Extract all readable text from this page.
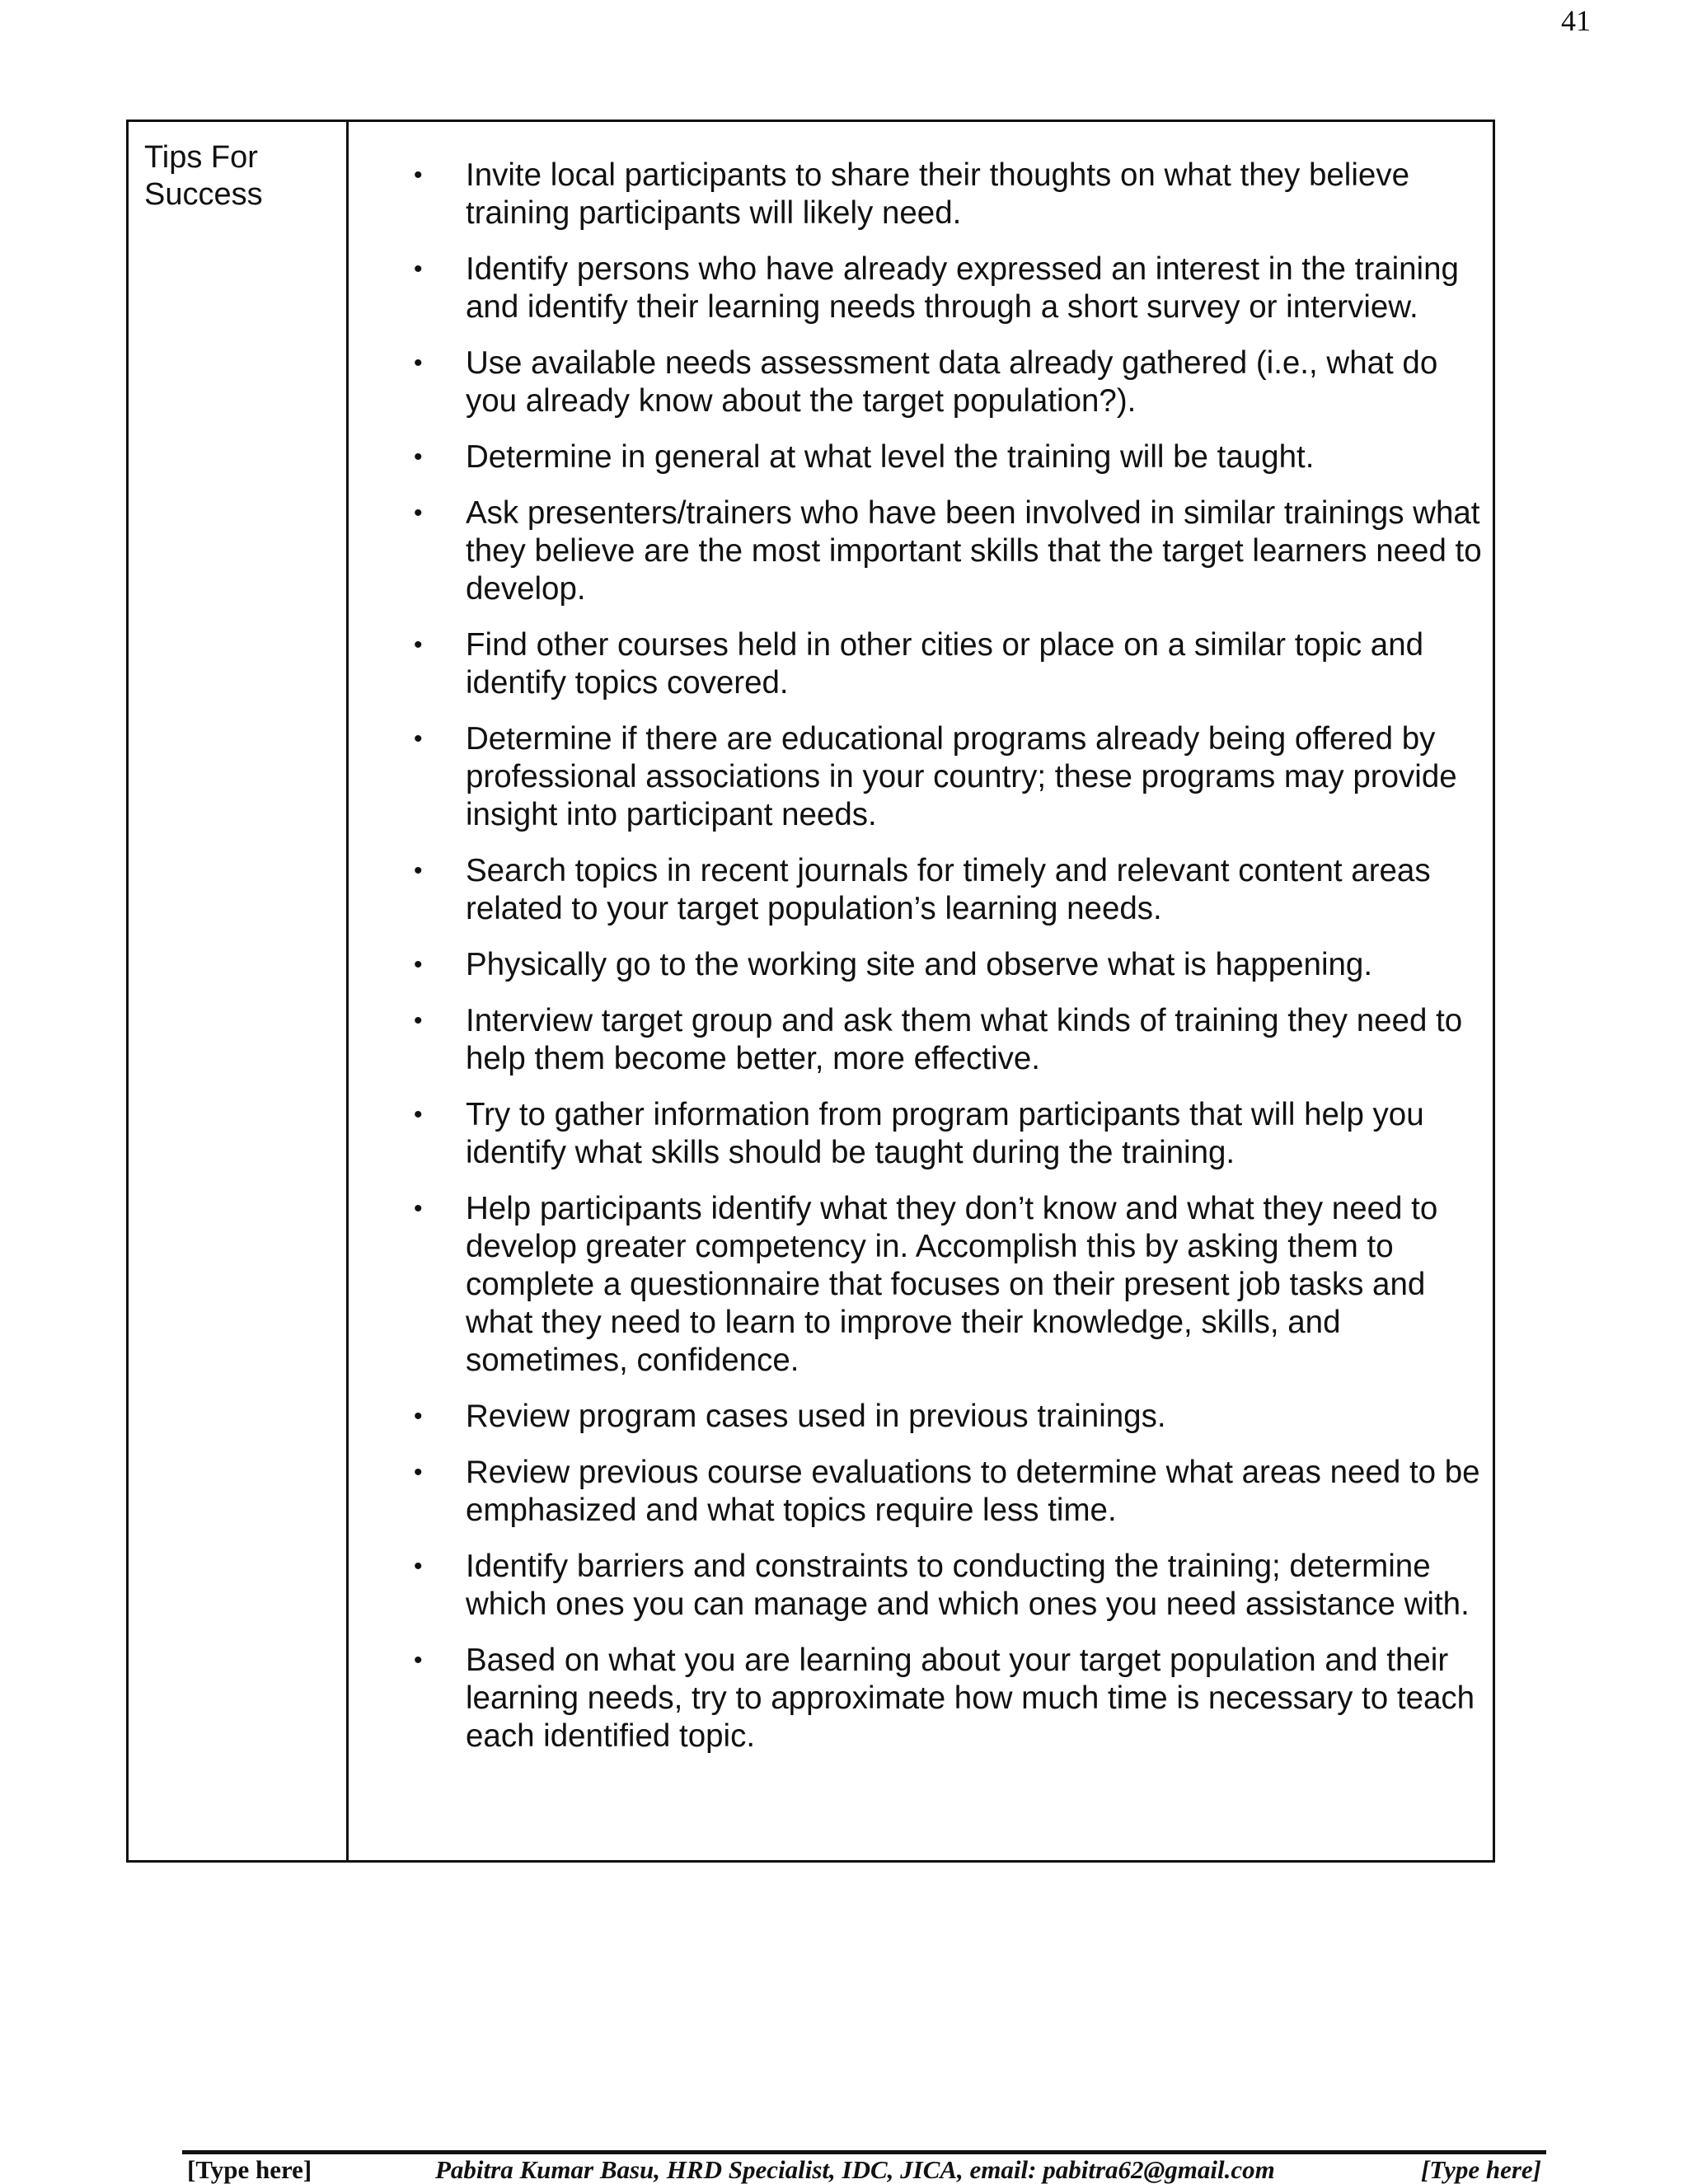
41
Tips For
Success
• Invite local participants to share their thoughts on what they believe training participants will likely need.
• Identify persons who have already expressed an interest in the training and identify their learning needs through a short survey or interview.
• Use available needs assessment data already gathered (i.e., what do you already know about the target population?).
• Determine in general at what level the training will be taught.
• Ask presenters/trainers who have been involved in similar trainings what they believe are the most important skills that the target learners need to develop.
• Find other courses held in other cities or place on a similar topic and identify topics covered.
• Determine if there are educational programs already being offered by professional associations in your country; these programs may provide insight into participant needs.
• Search topics in recent journals for timely and relevant content areas related to your target population’s learning needs.
• Physically go to the working site and observe what is happening.
• Interview target group and ask them what kinds of training they need to help them become better, more effective.
• Try to gather information from program participants that will help you identify what skills should be taught during the training.
• Help participants identify what they don’t know and what they need to develop greater competency in. Accomplish this by asking them to complete a questionnaire that focuses on their present job tasks and what they need to learn to improve their knowledge, skills, and sometimes, confidence.
• Review program cases used in previous trainings.
• Review previous course evaluations to determine what areas need to be emphasized and what topics require less time.
• Identify barriers and constraints to conducting the training; determine which ones you can manage and which ones you need assistance with.
• Based on what you are learning about your target population and their learning needs, try to approximate how much time is necessary to teach each identified topic.
[Type here]	Pabitra Kumar Basu, HRD Specialist, IDC, JICA, email: pabitra62@gmail.com	[Type here]
